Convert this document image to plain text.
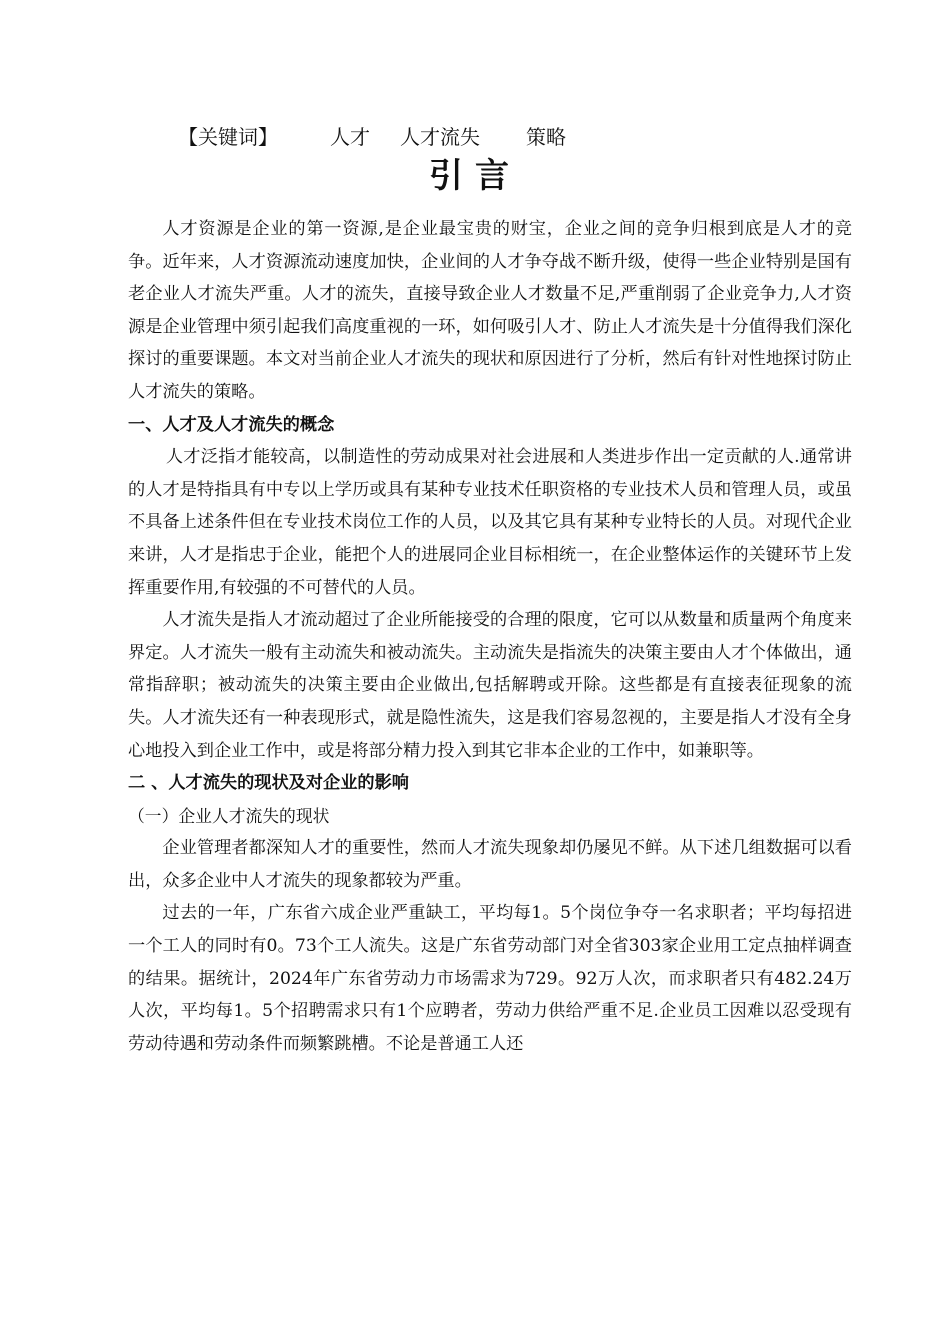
【关键词】	人才 人才流失 策略
引言

人才资源是企业的第一资源,是企业最宝贵的财宝，企业之间的竞争归根到底是人才的竞争。近年来，人才资源流动速度加快，企业间的人才争夺战不断升级，使得一些企业特别是国有老企业人才流失严重。人才的流失，直接导致企业人才数量不足,严重削弱了企业竞争力,人才资源是企业管理中须引起我们高度重视的一环，如何吸引人才、防止人才流失是十分值得我们深化探讨的重要课题。本文对当前企业人才流失的现状和原因进行了分析，然后有针对性地探讨防止人才流失的策略。

一、人才及人才流失的概念

人才泛指才能较高，以制造性的劳动成果对社会进展和人类进步作出一定贡献的人.通常讲的人才是特指具有中专以上学历或具有某种专业技术任职资格的专业技术人员和管理人员，或虽不具备上述条件但在专业技术岗位工作的人员，以及其它具有某种专业特长的人员。对现代企业来讲，人才是指忠于企业，能把个人的进展同企业目标相统一，在企业整体运作的关键环节上发挥重要作用,有较强的不可替代的人员。

人才流失是指人才流动超过了企业所能接受的合理的限度，它可以从数量和质量两个角度来界定。人才流失一般有主动流失和被动流失。主动流失是指流失的决策主要由人才个体做出，通常指辞职；被动流失的决策主要由企业做出,包括解聘或开除。这些都是有直接表征现象的流失。人才流失还有一种表现形式，就是隐性流失，这是我们容易忽视的，主要是指人才没有全身心地投入到企业工作中，或是将部分精力投入到其它非本企业的工作中，如兼职等。

二 、人才流失的现状及对企业的影响
（一）企业人才流失的现状

企业管理者都深知人才的重要性，然而人才流失现象却仍屡见不鲜。从下述几组数据可以看出，众多企业中人才流失的现象都较为严重。

过去的一年，广东省六成企业严重缺工，平均每1。5个岗位争夺一名求职者；平均每招进一个工人的同时有0。73个工人流失。这是广东省劳动部门对全省303家企业用工定点抽样调查的结果。据统计，2024年广东省劳动力市场需求为729。92万人次，而求职者只有482.24万人次，平均每1。5个招聘需求只有1个应聘者，劳动力供给严重不足.企业员工因难以忍受现有劳动待遇和劳动条件而频繁跳槽。不论是普通工人还
